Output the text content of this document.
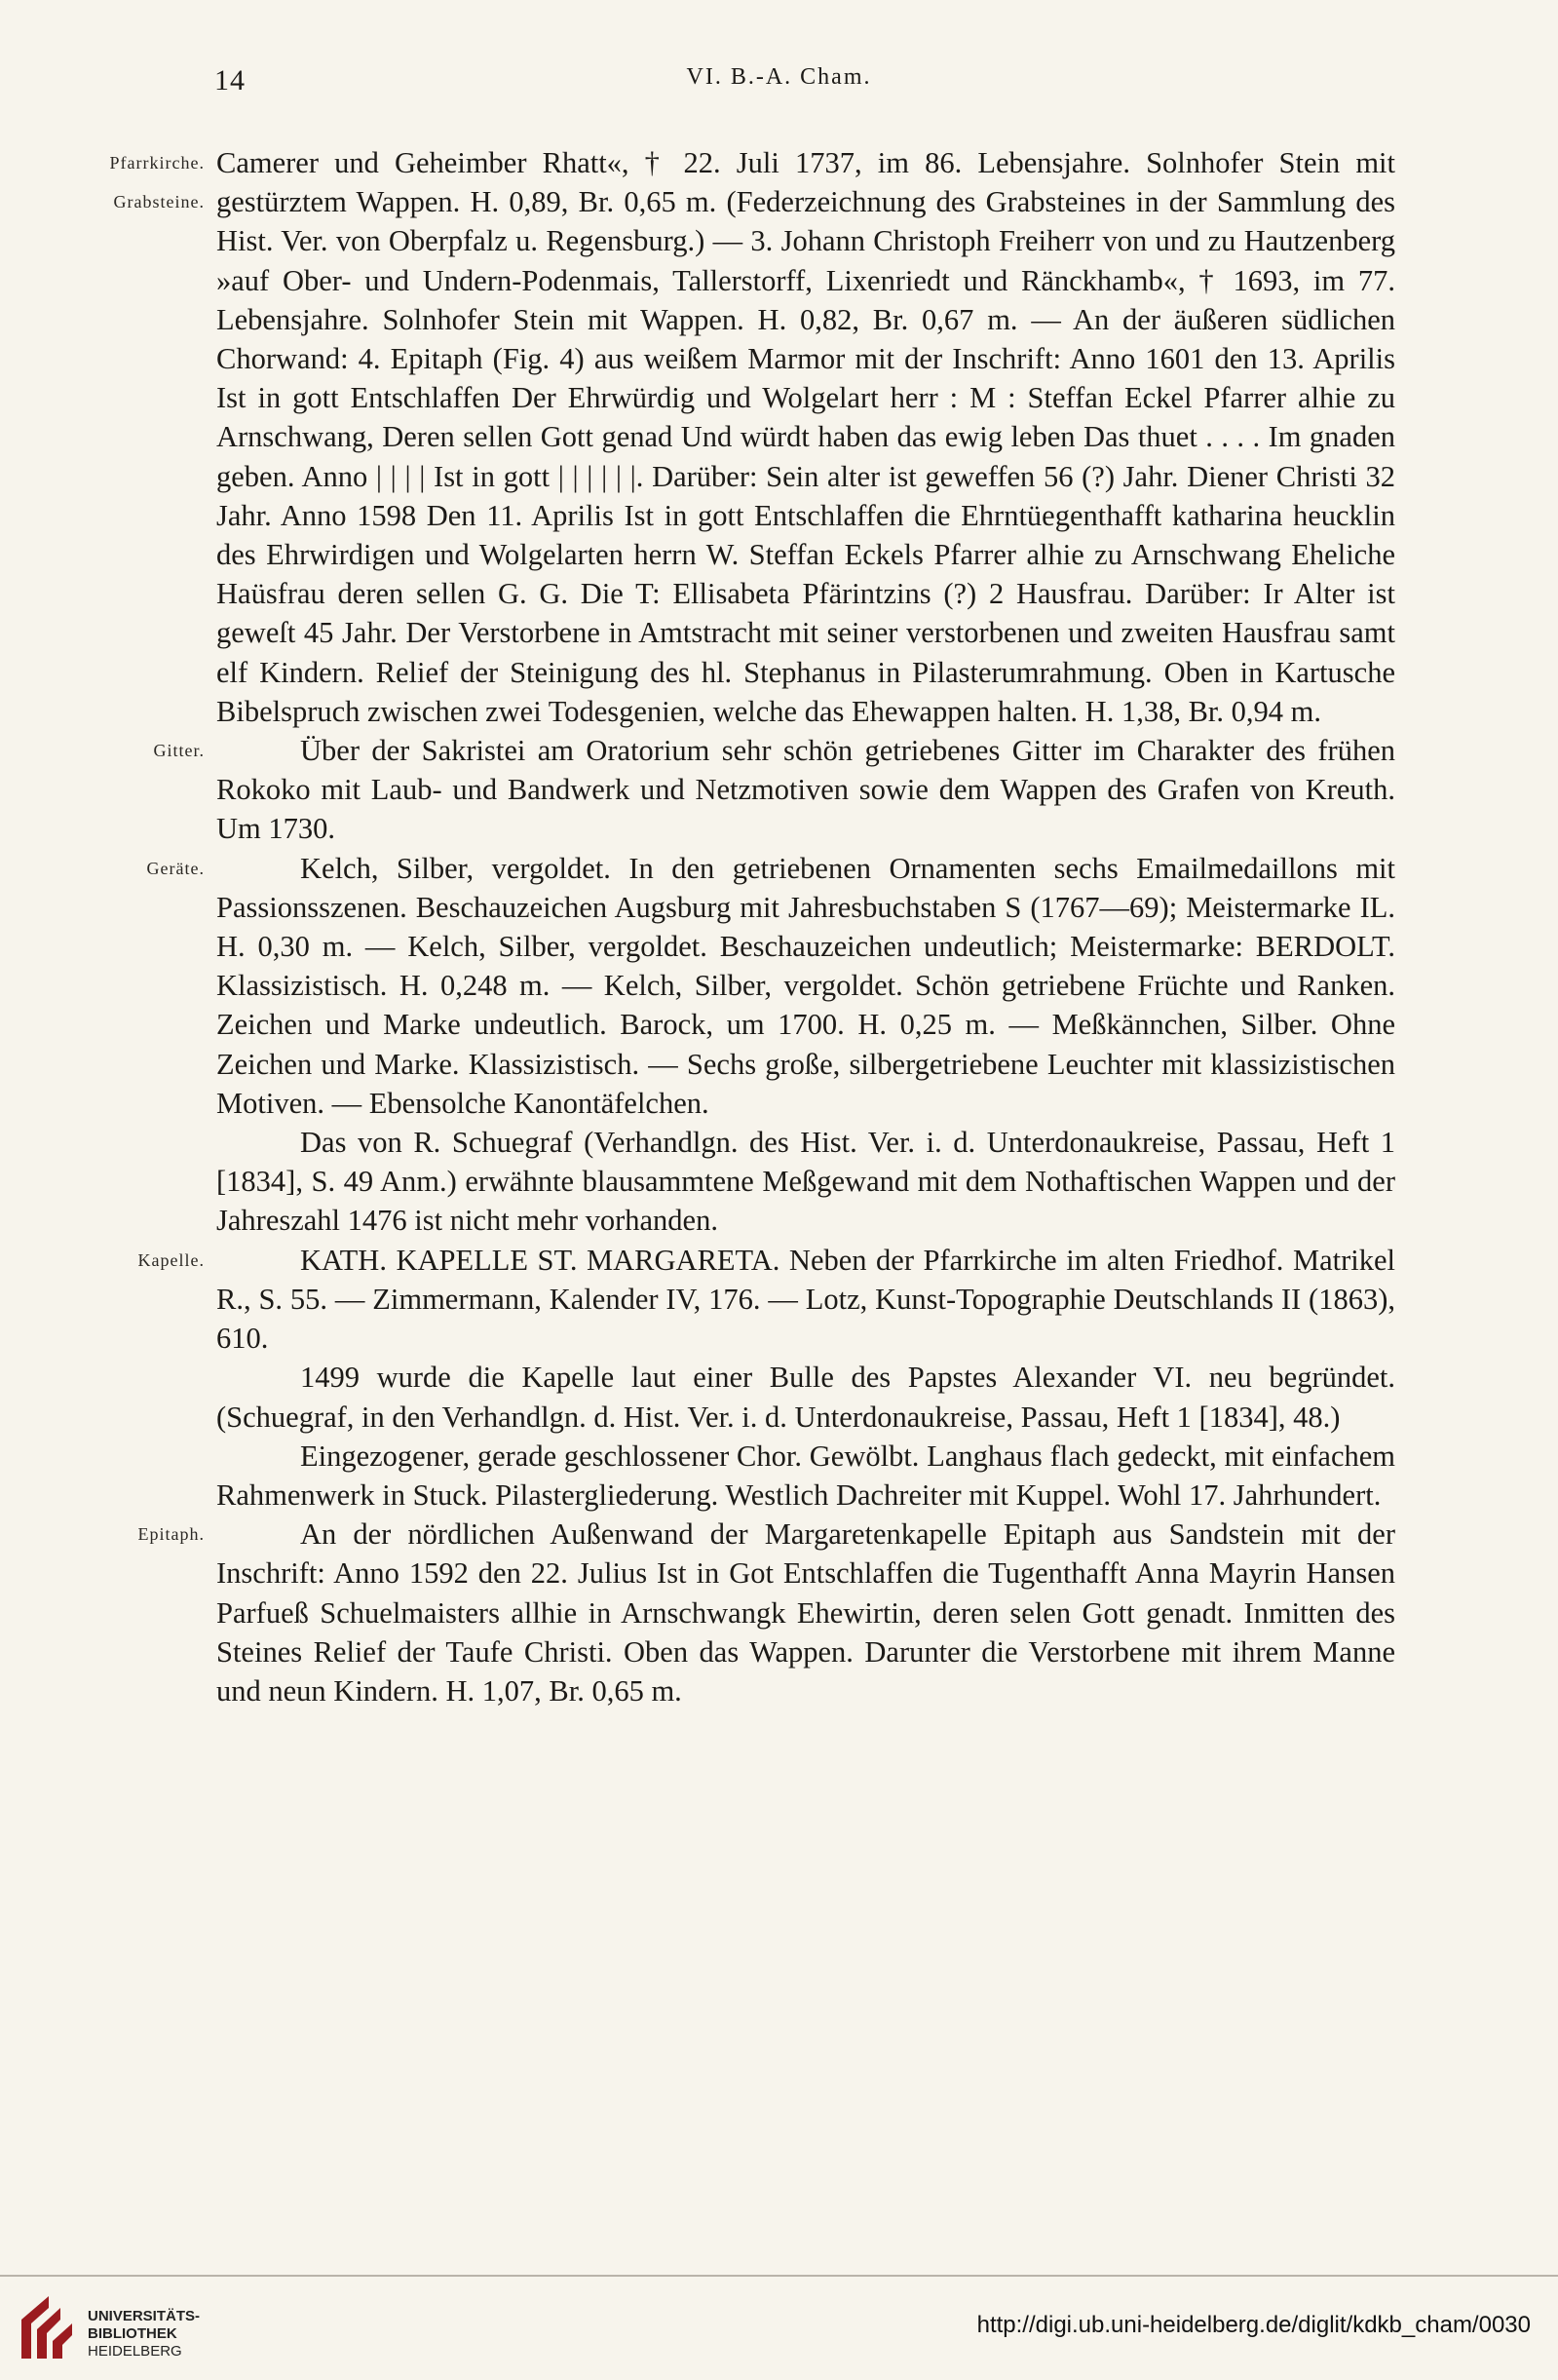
14	VI. B.-A. Cham.

Pfarrkirche.
Grabsteine.
Camerer und Geheimber Rhatt«, † 22. Juli 1737, im 86. Lebensjahre. Solnhofer Stein mit gestürztem Wappen. H. 0,89, Br. 0,65 m. (Federzeichnung des Grabsteines in der Sammlung des Hist. Ver. von Oberpfalz u. Regensburg.) — 3. Johann Christoph Freiherr von und zu Hautzenberg »auf Ober- und Undern-Podenmais, Tallerstorff, Lixenriedt und Ränckhamb«, † 1693, im 77. Lebensjahre. Solnhofer Stein mit Wappen. H. 0,82, Br. 0,67 m. — An der äußeren südlichen Chorwand: 4. Epitaph (Fig. 4) aus weißem Marmor mit der Inschrift: Anno 1601 den 13. Aprilis Ist in gott Entschlaffen Der Ehrwürdig und Wolgelart herr : M : Steffan Eckel Pfarrer alhie zu Arnschwang, Deren sellen Gott genad Und würdt haben das ewig leben Das thuet . . . . Im gnaden geben. Anno | | | | Ist in gott | | | | | |. Darüber: Sein alter ist geweffen 56 (?) Jahr. Diener Christi 32 Jahr. Anno 1598 Den 11. Aprilis Ist in gott Entschlaffen die Ehrntüegenthafft katharina heucklin des Ehrwirdigen und Wolgelarten herrn W. Steffan Eckels Pfarrer alhie zu Arnschwang Eheliche Haüsfrau deren sellen G. G. Die T: Ellisabeta Pfärintzins (?) 2 Hausfrau. Darüber: Ir Alter ist geweſt 45 Jahr. Der Verstorbene in Amtstracht mit seiner verstorbenen und zweiten Hausfrau samt elf Kindern. Relief der Steinigung des hl. Stephanus in Pilasterumrahmung. Oben in Kartusche Bibelspruch zwischen zwei Todesgenien, welche das Ehewappen halten. H. 1,38, Br. 0,94 m.

Gitter.	Über der Sakristei am Oratorium sehr schön getriebenes Gitter im Charakter des frühen Rokoko mit Laub- und Bandwerk und Netzmotiven sowie dem Wappen des Grafen von Kreuth. Um 1730.

Geräte.	Kelch, Silber, vergoldet. In den getriebenen Ornamenten sechs Emailmedaillons mit Passionsszenen. Beschauzeichen Augsburg mit Jahresbuchstaben S (1767—69); Meistermarke IL. H. 0,30 m. — Kelch, Silber, vergoldet. Beschauzeichen undeutlich; Meistermarke: BERDOLT. Klassizistisch. H. 0,248 m. — Kelch, Silber, vergoldet. Schön getriebene Früchte und Ranken. Zeichen und Marke undeutlich. Barock, um 1700. H. 0,25 m. — Meßkännchen, Silber. Ohne Zeichen und Marke. Klassizistisch. — Sechs große, silbergetriebene Leuchter mit klassizistischen Motiven. — Ebensolche Kanontäfelchen.

Das von R. Schuegraf (Verhandlgn. des Hist. Ver. i. d. Unterdonaukreise, Passau, Heft 1 [1834], S. 49 Anm.) erwähnte blausammtene Meßgewand mit dem Nothaftischen Wappen und der Jahreszahl 1476 ist nicht mehr vorhanden.

Kapelle.	KATH. KAPELLE ST. MARGARETA. Neben der Pfarrkirche im alten Friedhof. Matrikel R., S. 55. — Zimmermann, Kalender IV, 176. — Lotz, Kunst-Topographie Deutschlands II (1863), 610.

1499 wurde die Kapelle laut einer Bulle des Papstes Alexander VI. neu begründet. (Schuegraf, in den Verhandlgn. d. Hist. Ver. i. d. Unterdonaukreise, Passau, Heft 1 [1834], 48.)

Eingezogener, gerade geschlossener Chor. Gewölbt. Langhaus flach gedeckt, mit einfachem Rahmenwerk in Stuck. Pilastergliederung. Westlich Dachreiter mit Kuppel. Wohl 17. Jahrhundert.

Epitaph.	An der nördlichen Außenwand der Margaretenkapelle Epitaph aus Sandstein mit der Inschrift: Anno 1592 den 22. Julius Ist in Got Entschlaffen die Tugenthafft Anna Mayrin Hansen Parfueß Schuelmaisters allhie in Arnschwangk Ehewirtin, deren selen Gott genadt. Inmitten des Steines Relief der Taufe Christi. Oben das Wappen. Darunter die Verstorbene mit ihrem Manne und neun Kindern. H. 1,07, Br. 0,65 m.

UNIVERSITÄTS-
BIBLIOTHEK
HEIDELBERG
http://digi.ub.uni-heidelberg.de/diglit/kdkb_cham/0030
